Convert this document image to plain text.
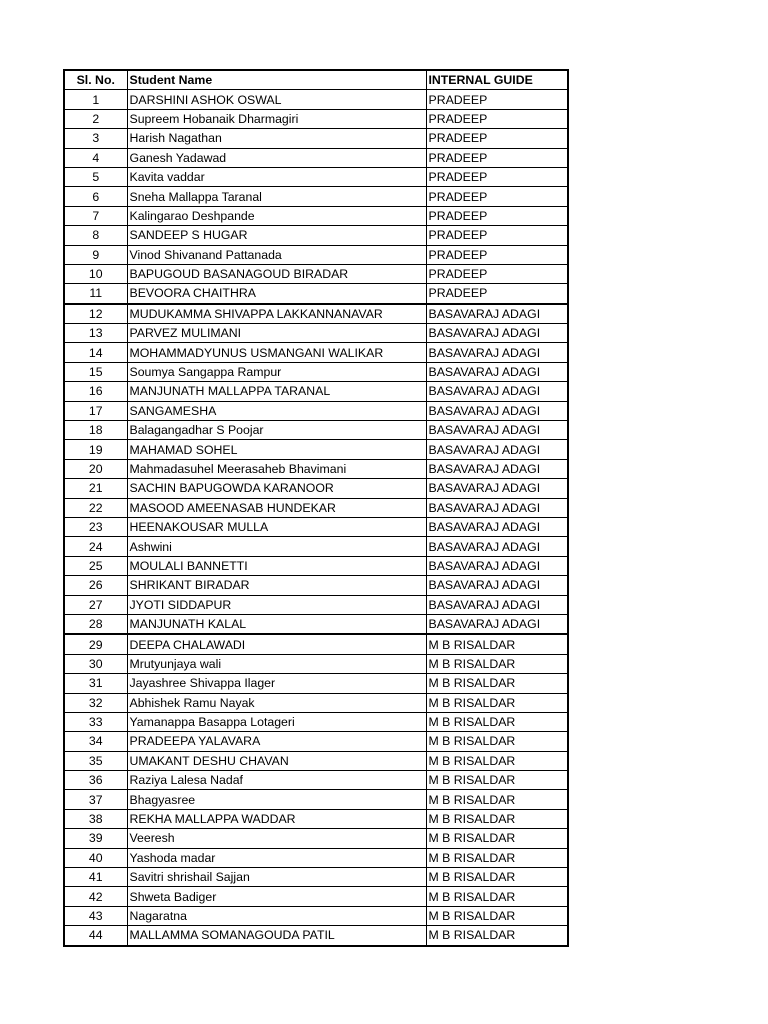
Sl. No.	Student Name	INTERNAL GUIDE
1	DARSHINI ASHOK OSWAL	PRADEEP
2	Supreem Hobanaik Dharmagiri	PRADEEP
3	Harish Nagathan	PRADEEP
4	Ganesh Yadawad	PRADEEP
5	Kavita vaddar	PRADEEP
6	Sneha Mallappa Taranal	PRADEEP
7	Kalingarao Deshpande	PRADEEP
8	SANDEEP S HUGAR	PRADEEP
9	Vinod Shivanand Pattanada	PRADEEP
10	BAPUGOUD BASANAGOUD BIRADAR	PRADEEP
11	BEVOORA CHAITHRA	PRADEEP
12	MUDUKAMMA SHIVAPPA LAKKANNANAVAR	BASAVARAJ ADAGI
13	PARVEZ MULIMANI	BASAVARAJ ADAGI
14	MOHAMMADYUNUS USMANGANI WALIKAR	BASAVARAJ ADAGI
15	Soumya Sangappa Rampur	BASAVARAJ ADAGI
16	MANJUNATH MALLAPPA TARANAL	BASAVARAJ ADAGI
17	SANGAMESHA	BASAVARAJ ADAGI
18	Balagangadhar S Poojar	BASAVARAJ ADAGI
19	MAHAMAD SOHEL	BASAVARAJ ADAGI
20	Mahmadasuhel Meerasaheb Bhavimani	BASAVARAJ ADAGI
21	SACHIN BAPUGOWDA KARANOOR	BASAVARAJ ADAGI
22	MASOOD AMEENASAB HUNDEKAR	BASAVARAJ ADAGI
23	HEENAKOUSAR MULLA	BASAVARAJ ADAGI
24	Ashwini	BASAVARAJ ADAGI
25	MOULALI BANNETTI	BASAVARAJ ADAGI
26	SHRIKANT BIRADAR	BASAVARAJ ADAGI
27	JYOTI SIDDAPUR	BASAVARAJ ADAGI
28	MANJUNATH KALAL	BASAVARAJ ADAGI
29	DEEPA CHALAWADI	M B RISALDAR
30	Mrutyunjaya wali	M B RISALDAR
31	Jayashree Shivappa Ilager	M B RISALDAR
32	Abhishek Ramu Nayak	M B RISALDAR
33	Yamanappa Basappa Lotageri	M B RISALDAR
34	PRADEEPA YALAVARA	M B RISALDAR
35	UMAKANT DESHU CHAVAN	M B RISALDAR
36	Raziya Lalesa Nadaf	M B RISALDAR
37	Bhagyasree	M B RISALDAR
38	REKHA MALLAPPA WADDAR	M B RISALDAR
39	Veeresh	M B RISALDAR
40	Yashoda madar	M B RISALDAR
41	Savitri shrishail Sajjan	M B RISALDAR
42	Shweta Badiger	M B RISALDAR
43	Nagaratna	M B RISALDAR
44	MALLAMMA SOMANAGOUDA PATIL	M B RISALDAR
